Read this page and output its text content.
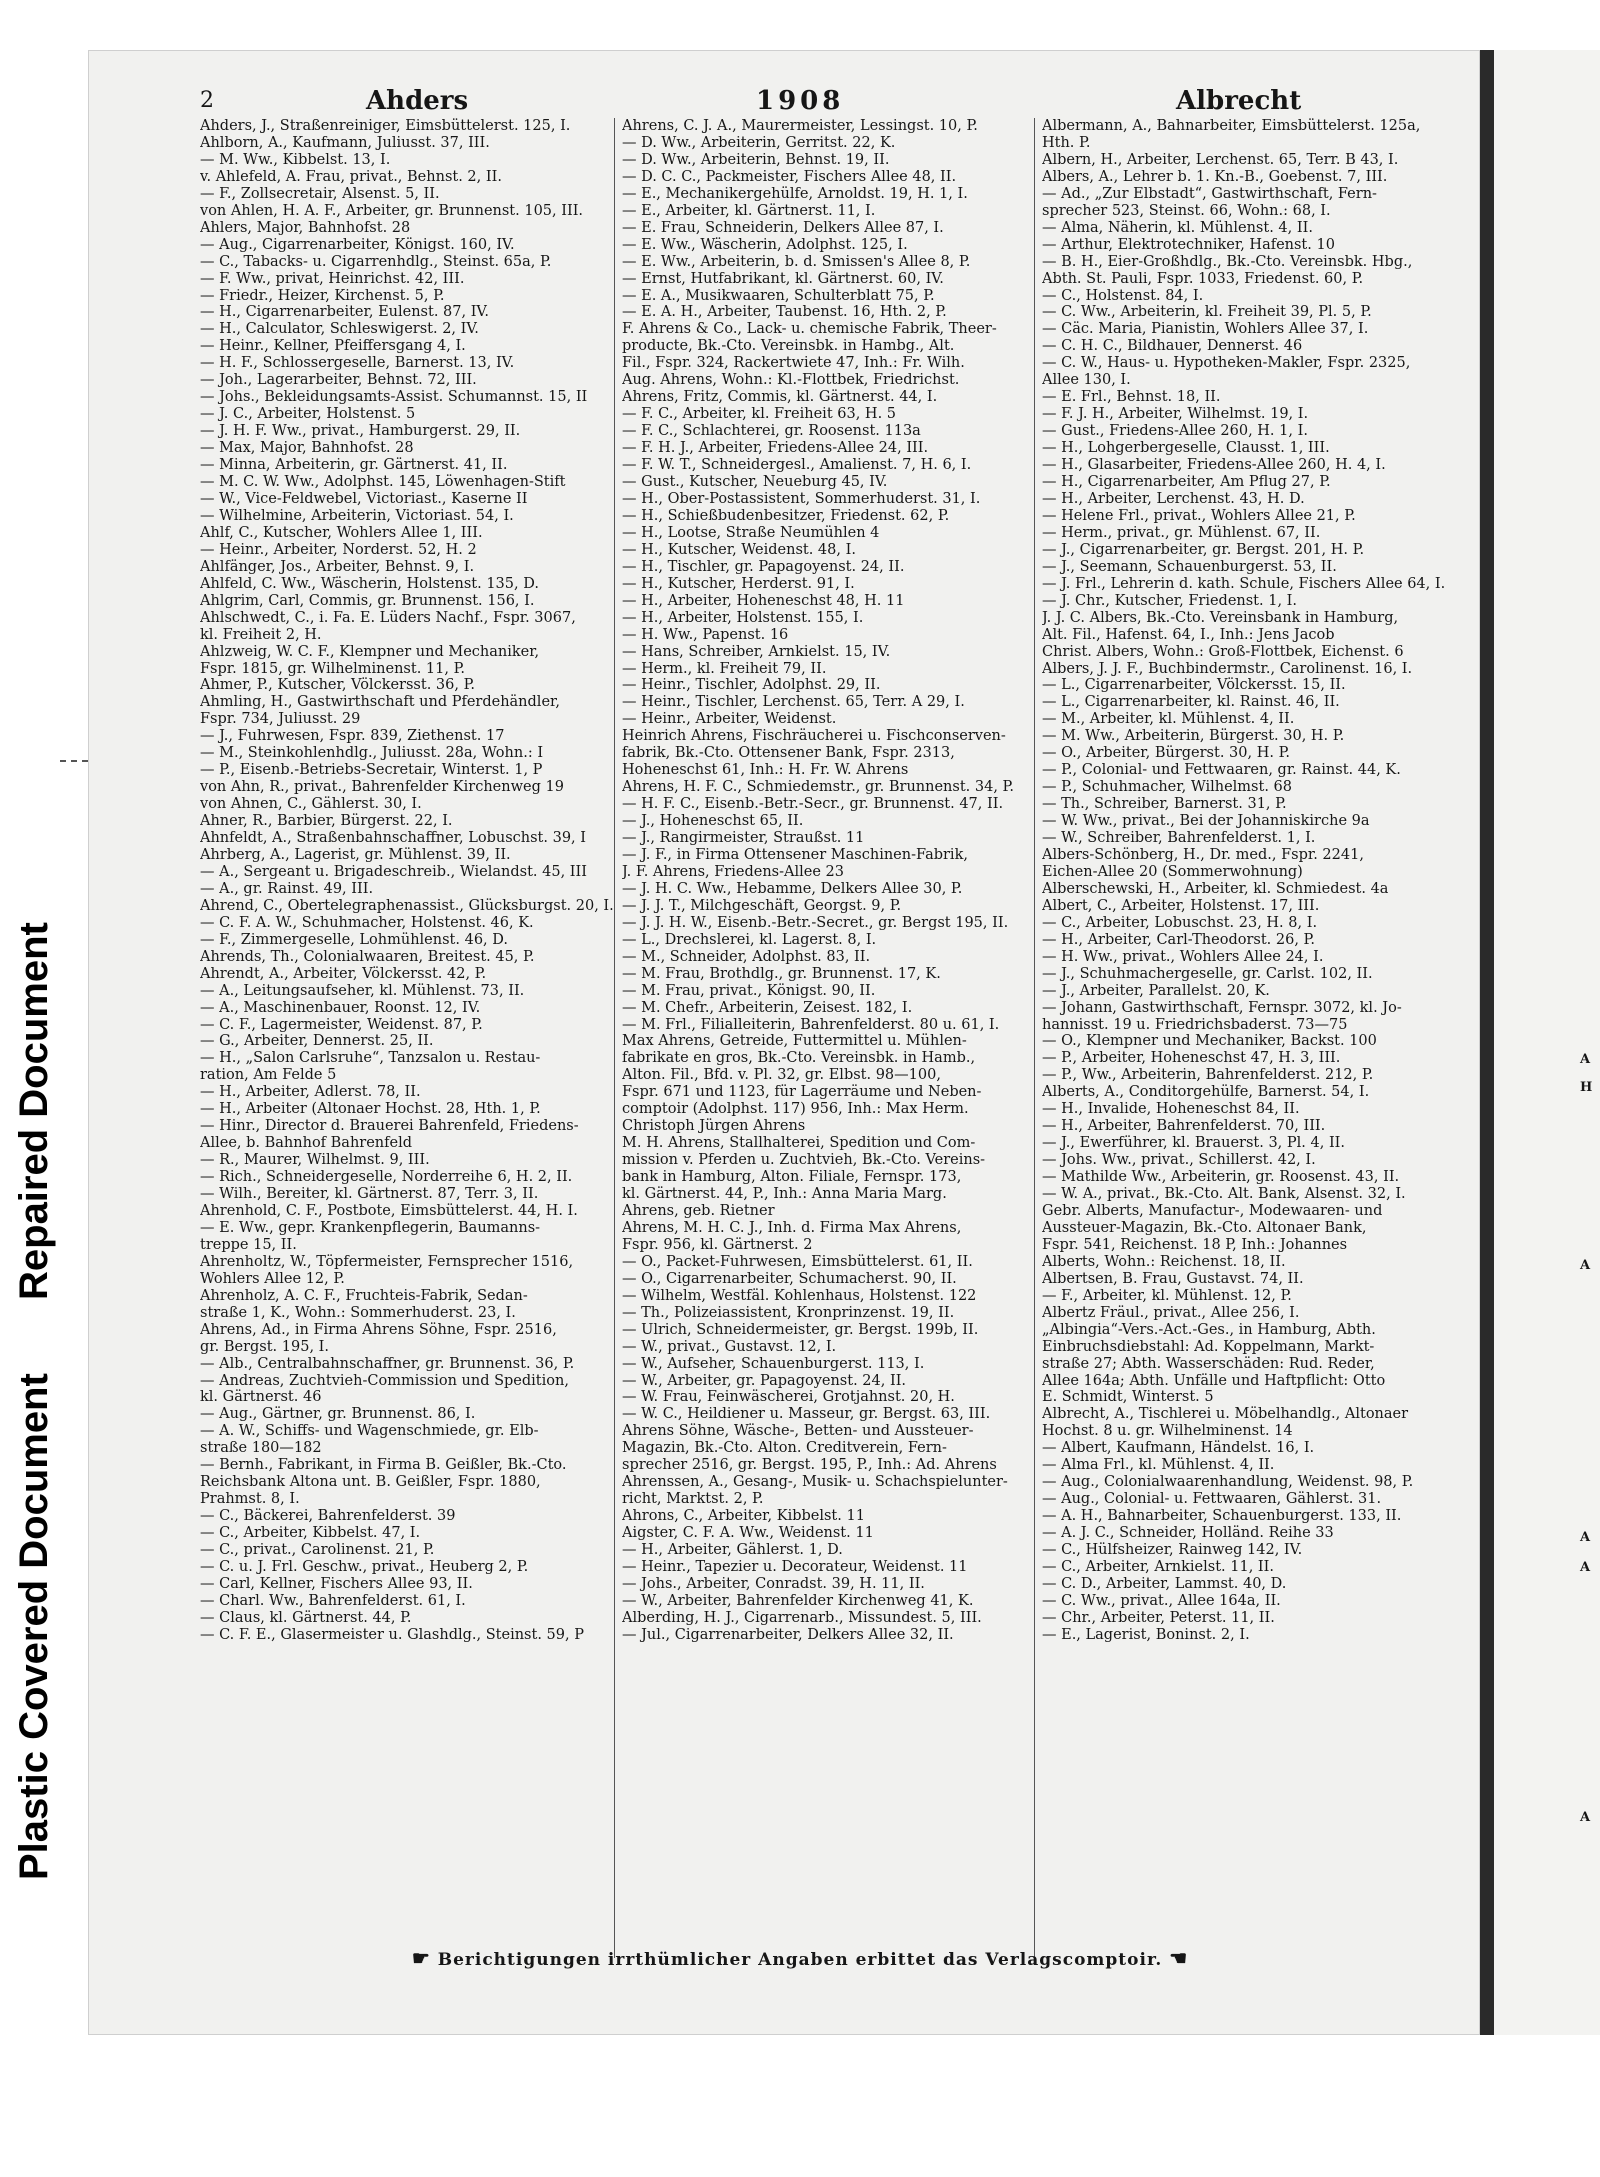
Plastic Covered Document
Repaired Document
2	Ahders	1908	Albrecht
Ahders, J., Straßenreiniger, Eimsbüttelerst. 125, I.
Ahlborn, A., Kaufmann, Juliusst. 37, III.
— M. Ww., Kibbelst. 13, I.
v. Ahlefeld, A. Frau, privat., Behnst. 2, II.
— F., Zollsecretair, Alsenst. 5, II.
von Ahlen, H. A. F., Arbeiter, gr. Brunnenst. 105, III.
Ahlers, Major, Bahnhofst. 28
— Aug., Cigarrenarbeiter, Königst. 160, IV.
— C., Tabacks- u. Cigarrenhdlg., Steinst. 65a, P.
— F. Ww., privat, Heinrichst. 42, III.
— Friedr., Heizer, Kirchenst. 5, P.
— H., Cigarrenarbeiter, Eulenst. 87, IV.
— H., Calculator, Schleswigerst. 2, IV.
— Heinr., Kellner, Pfeiffersgang 4, I.
— H. F., Schlossergeselle, Barnerst. 13, IV.
— Joh., Lagerarbeiter, Behnst. 72, III.
— Johs., Bekleidungsamts-Assist. Schumannst. 15, II
— J. C., Arbeiter, Holstenst. 5
— J. H. F. Ww., privat., Hamburgerst. 29, II.
— Max, Major, Bahnhofst. 28
— Minna, Arbeiterin, gr. Gärtnerst. 41, II.
— M. C. W. Ww., Adolphst. 145, Löwenhagen-Stift
— W., Vice-Feldwebel, Victoriast., Kaserne II
— Wilhelmine, Arbeiterin, Victoriast. 54, I.
Ahlf, C., Kutscher, Wohlers Allee 1, III.
— Heinr., Arbeiter, Norderst. 52, H. 2
Ahlfänger, Jos., Arbeiter, Behnst. 9, I.
Ahlfeld, C. Ww., Wäscherin, Holstenst. 135, D.
Ahlgrim, Carl, Commis, gr. Brunnenst. 156, I.
Ahlschwedt, C., i. Fa. E. Lüders Nachf., Fspr. 3067,
kl. Freiheit 2, H.
Ahlzweig, W. C. F., Klempner und Mechaniker,
Fspr. 1815, gr. Wilhelminenst. 11, P.
Ahmer, P., Kutscher, Völckersst. 36, P.
Ahmling, H., Gastwirthschaft und Pferdehändler,
Fspr. 734, Juliusst. 29
— J., Fuhrwesen, Fspr. 839, Ziethenst. 17
— M., Steinkohlenhdlg., Juliusst. 28a, Wohn.: I
— P., Eisenb.-Betriebs-Secretair, Winterst. 1, P
von Ahn, R., privat., Bahrenfelder Kirchenweg 19
von Ahnen, C., Gählerst. 30, I.
Ahner, R., Barbier, Bürgerst. 22, I.
Ahnfeldt, A., Straßenbahnschaffner, Lobuschst. 39, I
Ahrberg, A., Lagerist, gr. Mühlenst. 39, II.
— A., Sergeant u. Brigadeschreib., Wielandst. 45, III
— A., gr. Rainst. 49, III.
Ahrend, C., Obertelegraphenassist., Glücksburgst. 20, I.
— C. F. A. W., Schuhmacher, Holstenst. 46, K.
— F., Zimmergeselle, Lohmühlenst. 46, D.
Ahrends, Th., Colonialwaaren, Breitest. 45, P.
Ahrendt, A., Arbeiter, Völckersst. 42, P.
— A., Leitungsaufseher, kl. Mühlenst. 73, II.
— A., Maschinenbauer, Roonst. 12, IV.
— C. F., Lagermeister, Weidenst. 87, P.
— G., Arbeiter, Dennerst. 25, II.
— H., „Salon Carlsruhe“, Tanzsalon u. Restau-
ration, Am Felde 5
— H., Arbeiter, Adlerst. 78, II.
— H., Arbeiter (Altonaer Hochst. 28, Hth. 1, P.
— Hinr., Director d. Brauerei Bahrenfeld, Friedens-
Allee, b. Bahnhof Bahrenfeld
— R., Maurer, Wilhelmst. 9, III.
— Rich., Schneidergeselle, Norderreihe 6, H. 2, II.
— Wilh., Bereiter, kl. Gärtnerst. 87, Terr. 3, II.
Ahrenhold, C. F., Postbote, Eimsbüttelerst. 44, H. I.
— E. Ww., gepr. Krankenpflegerin, Baumanns-
treppe 15, II.
Ahrenholtz, W., Töpfermeister, Fernsprecher 1516,
Wohlers Allee 12, P.
Ahrenholz, A. C. F., Fruchteis-Fabrik, Sedan-
straße 1, K., Wohn.: Sommerhuderst. 23, I.
Ahrens, Ad., in Firma Ahrens Söhne, Fspr. 2516,
gr. Bergst. 195, I.
— Alb., Centralbahnschaffner, gr. Brunnenst. 36, P.
— Andreas, Zuchtvieh-Commission und Spedition,
kl. Gärtnerst. 46
— Aug., Gärtner, gr. Brunnenst. 86, I.
— A. W., Schiffs- und Wagenschmiede, gr. Elb-
straße 180—182
— Bernh., Fabrikant, in Firma B. Geißler, Bk.-Cto.
Reichsbank Altona unt. B. Geißler, Fspr. 1880,
Prahmst. 8, I.
— C., Bäckerei, Bahrenfelderst. 39
— C., Arbeiter, Kibbelst. 47, I.
— C., privat., Carolinenst. 21, P.
— C. u. J. Frl. Geschw., privat., Heuberg 2, P.
— Carl, Kellner, Fischers Allee 93, II.
— Charl. Ww., Bahrenfelderst. 61, I.
— Claus, kl. Gärtnerst. 44, P.
— C. F. E., Glasermeister u. Glashdlg., Steinst. 59, P
Ahrens, C. J. A., Maurermeister, Lessingst. 10, P.
— D. Ww., Arbeiterin, Gerritst. 22, K.
— D. Ww., Arbeiterin, Behnst. 19, II.
— D. C. C., Packmeister, Fischers Allee 48, II.
— E., Mechanikergehülfe, Arnoldst. 19, H. 1, I.
— E., Arbeiter, kl. Gärtnerst. 11, I.
— E. Frau, Schneiderin, Delkers Allee 87, I.
— E. Ww., Wäscherin, Adolphst. 125, I.
— E. Ww., Arbeiterin, b. d. Smissen's Allee 8, P.
— Ernst, Hutfabrikant, kl. Gärtnerst. 60, IV.
— E. A., Musikwaaren, Schulterblatt 75, P.
— E. A. H., Arbeiter, Taubenst. 16, Hth. 2, P.
F. Ahrens & Co., Lack- u. chemische Fabrik, Theer-
producte, Bk.-Cto. Vereinsbk. in Hambg., Alt.
Fil., Fspr. 324, Rackertwiete 47, Inh.: Fr. Wilh.
Aug. Ahrens, Wohn.: Kl.-Flottbek, Friedrichst.
Ahrens, Fritz, Commis, kl. Gärtnerst. 44, I.
— F. C., Arbeiter, kl. Freiheit 63, H. 5
— F. C., Schlachterei, gr. Roosenst. 113a
— F. H. J., Arbeiter, Friedens-Allee 24, III.
— F. W. T., Schneidergesl., Amalienst. 7, H. 6, I.
— Gust., Kutscher, Neueburg 45, IV.
— H., Ober-Postassistent, Sommerhuderst. 31, I.
— H., Schießbudenbesitzer, Friedenst. 62, P.
— H., Lootse, Straße Neumühlen 4
— H., Kutscher, Weidenst. 48, I.
— H., Tischler, gr. Papagoyenst. 24, II.
— H., Kutscher, Herderst. 91, I.
— H., Arbeiter, Hoheneschst 48, H. 11
— H., Arbeiter, Holstenst. 155, I.
— H. Ww., Papenst. 16
— Hans, Schreiber, Arnkielst. 15, IV.
— Herm., kl. Freiheit 79, II.
— Heinr., Tischler, Adolphst. 29, II.
— Heinr., Tischler, Lerchenst. 65, Terr. A 29, I.
— Heinr., Arbeiter, Weidenst.
Heinrich Ahrens, Fischräucherei u. Fischconserven-
fabrik, Bk.-Cto. Ottensener Bank, Fspr. 2313,
Hoheneschst 61, Inh.: H. Fr. W. Ahrens
Ahrens, H. F. C., Schmiedemstr., gr. Brunnenst. 34, P.
— H. F. C., Eisenb.-Betr.-Secr., gr. Brunnenst. 47, II.
— J., Hoheneschst 65, II.
— J., Rangirmeister, Straußst. 11
— J. F., in Firma Ottensener Maschinen-Fabrik,
J. F. Ahrens, Friedens-Allee 23
— J. H. C. Ww., Hebamme, Delkers Allee 30, P.
— J. J. T., Milchgeschäft, Georgst. 9, P.
— J. J. H. W., Eisenb.-Betr.-Secret., gr. Bergst 195, II.
— L., Drechslerei, kl. Lagerst. 8, I.
— M., Schneider, Adolphst. 83, II.
— M. Frau, Brothdlg., gr. Brunnenst. 17, K.
— M. Frau, privat., Königst. 90, II.
— M. Chefr., Arbeiterin, Zeisest. 182, I.
— M. Frl., Filialleiterin, Bahrenfelderst. 80 u. 61, I.
Max Ahrens, Getreide, Futtermittel u. Mühlen-
fabrikate en gros, Bk.-Cto. Vereinsbk. in Hamb.,
Alton. Fil., Bfd. v. Pl. 32, gr. Elbst. 98—100,
Fspr. 671 und 1123, für Lagerräume und Neben-
comptoir (Adolphst. 117) 956, Inh.: Max Herm.
Christoph Jürgen Ahrens
M. H. Ahrens, Stallhalterei, Spedition und Com-
mission v. Pferden u. Zuchtvieh, Bk.-Cto. Vereins-
bank in Hamburg, Alton. Filiale, Fernspr. 173,
kl. Gärtnerst. 44, P., Inh.: Anna Maria Marg.
Ahrens, geb. Rietner
Ahrens, M. H. C. J., Inh. d. Firma Max Ahrens,
Fspr. 956, kl. Gärtnerst. 2
— O., Packet-Fuhrwesen, Eimsbüttelerst. 61, II.
— O., Cigarrenarbeiter, Schumacherst. 90, II.
— Wilhelm, Westfäl. Kohlenhaus, Holstenst. 122
— Th., Polizeiassistent, Kronprinzenst. 19, II.
— Ulrich, Schneidermeister, gr. Bergst. 199b, II.
— W., privat., Gustavst. 12, I.
— W., Aufseher, Schauenburgerst. 113, I.
— W., Arbeiter, gr. Papagoyenst. 24, II.
— W. Frau, Feinwäscherei, Grotjahnst. 20, H.
— W. C., Heildiener u. Masseur, gr. Bergst. 63, III.
Ahrens Söhne, Wäsche-, Betten- und Aussteuer-
Magazin, Bk.-Cto. Alton. Creditverein, Fern-
sprecher 2516, gr. Bergst. 195, P., Inh.: Ad. Ahrens
Ahrenssen, A., Gesang-, Musik- u. Schachspielunter-
richt, Marktst. 2, P.
Ahrons, C., Arbeiter, Kibbelst. 11
Aigster, C. F. A. Ww., Weidenst. 11
— H., Arbeiter, Gählerst. 1, D.
— Heinr., Tapezier u. Decorateur, Weidenst. 11
— Johs., Arbeiter, Conradst. 39, H. 11, II.
— W., Arbeiter, Bahrenfelder Kirchenweg 41, K.
Alberding, H. J., Cigarrenarb., Missundest. 5, III.
— Jul., Cigarrenarbeiter, Delkers Allee 32, II.
Albermann, A., Bahnarbeiter, Eimsbüttelerst. 125a,
Hth. P.
Albern, H., Arbeiter, Lerchenst. 65, Terr. B 43, I.
Albers, A., Lehrer b. 1. Kn.-B., Goebenst. 7, III.
— Ad., „Zur Elbstadt“, Gastwirthschaft, Fern-
sprecher 523, Steinst. 66, Wohn.: 68, I.
— Alma, Näherin, kl. Mühlenst. 4, II.
— Arthur, Elektrotechniker, Hafenst. 10
— B. H., Eier-Großhdlg., Bk.-Cto. Vereinsbk. Hbg.,
Abth. St. Pauli, Fspr. 1033, Friedenst. 60, P.
— C., Holstenst. 84, I.
— C. Ww., Arbeiterin, kl. Freiheit 39, Pl. 5, P.
— Cäc. Maria, Pianistin, Wohlers Allee 37, I.
— C. H. C., Bildhauer, Dennerst. 46
— C. W., Haus- u. Hypotheken-Makler, Fspr. 2325,
Allee 130, I.
— E. Frl., Behnst. 18, II.
— F. J. H., Arbeiter, Wilhelmst. 19, I.
— Gust., Friedens-Allee 260, H. 1, I.
— H., Lohgerbergeselle, Clausst. 1, III.
— H., Glasarbeiter, Friedens-Allee 260, H. 4, I.
— H., Cigarrenarbeiter, Am Pflug 27, P.
— H., Arbeiter, Lerchenst. 43, H. D.
— Helene Frl., privat., Wohlers Allee 21, P.
— Herm., privat., gr. Mühlenst. 67, II.
— J., Cigarrenarbeiter, gr. Bergst. 201, H. P.
— J., Seemann, Schauenburgerst. 53, II.
— J. Frl., Lehrerin d. kath. Schule, Fischers Allee 64, I.
— J. Chr., Kutscher, Friedenst. 1, I.
J. J. C. Albers, Bk.-Cto. Vereinsbank in Hamburg,
Alt. Fil., Hafenst. 64, I., Inh.: Jens Jacob
Christ. Albers, Wohn.: Groß-Flottbek, Eichenst. 6
Albers, J. J. F., Buchbindermstr., Carolinenst. 16, I.
— L., Cigarrenarbeiter, Völckersst. 15, II.
— L., Cigarrenarbeiter, kl. Rainst. 46, II.
— M., Arbeiter, kl. Mühlenst. 4, II.
— M. Ww., Arbeiterin, Bürgerst. 30, H. P.
— O., Arbeiter, Bürgerst. 30, H. P.
— P., Colonial- und Fettwaaren, gr. Rainst. 44, K.
— P., Schuhmacher, Wilhelmst. 68
— Th., Schreiber, Barnerst. 31, P.
— W. Ww., privat., Bei der Johanniskirche 9a
— W., Schreiber, Bahrenfelderst. 1, I.
Albers-Schönberg, H., Dr. med., Fspr. 2241,
Eichen-Allee 20 (Sommerwohnung)
Alberschewski, H., Arbeiter, kl. Schmiedest. 4a
Albert, C., Arbeiter, Holstenst. 17, III.
— C., Arbeiter, Lobuschst. 23, H. 8, I.
— H., Arbeiter, Carl-Theodorst. 26, P.
— H. Ww., privat., Wohlers Allee 24, I.
— J., Schuhmachergeselle, gr. Carlst. 102, II.
— J., Arbeiter, Parallelst. 20, K.
— Johann, Gastwirthschaft, Fernspr. 3072, kl. Jo-
hannisst. 19 u. Friedrichsbaderst. 73—75
— O., Klempner und Mechaniker, Backst. 100
— P., Arbeiter, Hoheneschst 47, H. 3, III.
— P., Ww., Arbeiterin, Bahrenfelderst. 212, P.
Alberts, A., Conditorgehülfe, Barnerst. 54, I.
— H., Invalide, Hoheneschst 84, II.
— H., Arbeiter, Bahrenfelderst. 70, III.
— J., Ewerführer, kl. Brauerst. 3, Pl. 4, II.
— Johs. Ww., privat., Schillerst. 42, I.
— Mathilde Ww., Arbeiterin, gr. Roosenst. 43, II.
— W. A., privat., Bk.-Cto. Alt. Bank, Alsenst. 32, I.
Gebr. Alberts, Manufactur-, Modewaaren- und
Aussteuer-Magazin, Bk.-Cto. Altonaer Bank,
Fspr. 541, Reichenst. 18 P, Inh.: Johannes
Alberts, Wohn.: Reichenst. 18, II.
Albertsen, B. Frau, Gustavst. 74, II.
— F., Arbeiter, kl. Mühlenst. 12, P.
Albertz Fräul., privat., Allee 256, I.
„Albingia“-Vers.-Act.-Ges., in Hamburg, Abth.
Einbruchsdiebstahl: Ad. Koppelmann, Markt-
straße 27; Abth. Wasserschäden: Rud. Reder,
Allee 164a; Abth. Unfälle und Haftpflicht: Otto
E. Schmidt, Winterst. 5
Albrecht, A., Tischlerei u. Möbelhandlg., Altonaer
Hochst. 8 u. gr. Wilhelminenst. 14
— Albert, Kaufmann, Händelst. 16, I.
— Alma Frl., kl. Mühlenst. 4, II.
— Aug., Colonialwaarenhandlung, Weidenst. 98, P.
— Aug., Colonial- u. Fettwaaren, Gählerst. 31.
— A. H., Bahnarbeiter, Schauenburgerst. 133, II.
— A. J. C., Schneider, Holländ. Reihe 33
— C., Hülfsheizer, Rainweg 142, IV.
— C., Arbeiter, Arnkielst. 11, II.
— C. D., Arbeiter, Lammst. 40, D.
— C. Ww., privat., Allee 164a, II.
— Chr., Arbeiter, Peterst. 11, II.
— E., Lagerist, Boninst. 2, I.
☛ Berichtigungen irrthümlicher Angaben erbittet das Verlagscomptoir. ☚
H
A
A
A
A
A
